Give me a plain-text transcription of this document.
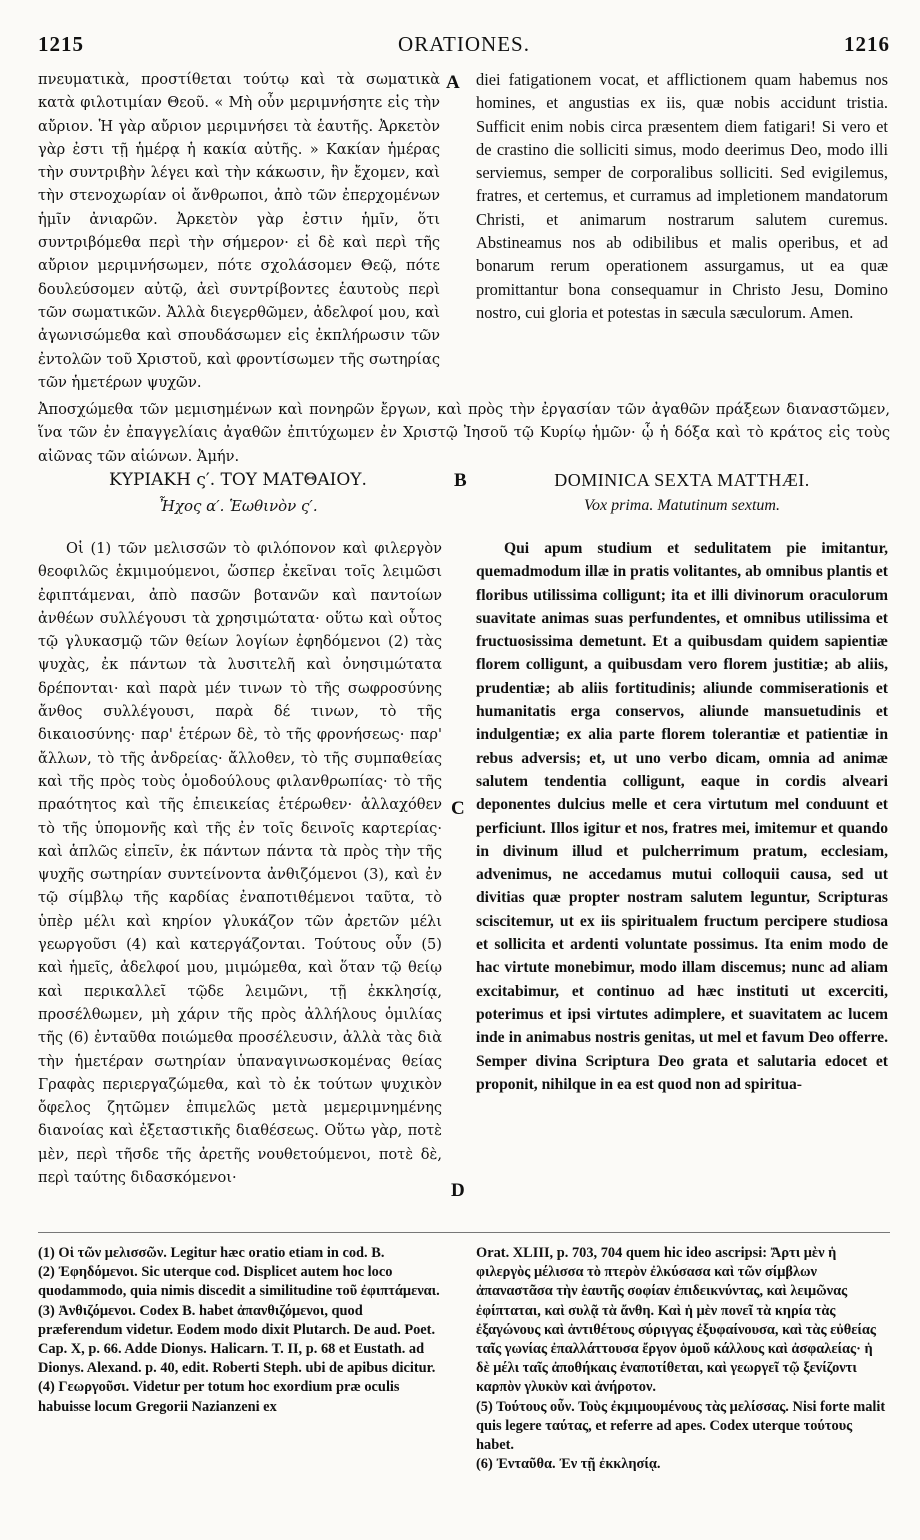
1215	ORATIONES.	1216
A
B
C
D

πνευματικὰ, προστίθεται τούτῳ καὶ τὰ σωματικὰ κατὰ φιλοτιμίαν Θεοῦ. « Μὴ οὖν μεριμνήσητε εἰς τὴν αὔριον. Ἡ γὰρ αὔριον μεριμνήσει τὰ ἑαυτῆς. Ἀρκετὸν γὰρ ἐστι τῇ ἡμέρᾳ ἡ κακία αὐτῆς. » Κακίαν ἡμέρας τὴν συντριβὴν λέγει καὶ τὴν κάκωσιν, ἣν ἔχομεν, καὶ τὴν στενοχωρίαν οἱ ἄνθρωποι, ἀπὸ τῶν ἐπερχομένων ἡμῖν ἀνιαρῶν. Ἀρκετὸν γὰρ ἐστιν ἡμῖν, ὅτι συντριβόμεθα περὶ τὴν σήμερον· εἰ δὲ καὶ περὶ τῆς αὔριον μεριμνήσωμεν, πότε σχολάσομεν Θεῷ, πότε δουλεύσομεν αὐτῷ, ἀεὶ συντρίβοντες ἑαυτοὺς περὶ τῶν σωματικῶν. Ἀλλὰ διεγερθῶμεν, ἀδελφοί μου, καὶ ἀγωνισώμεθα καὶ σπουδάσωμεν εἰς ἐκπλήρωσιν τῶν ἐντολῶν τοῦ Χριστοῦ, καὶ φροντίσωμεν τῆς σωτηρίας τῶν ἡμετέρων ψυχῶν.

diei fatigationem vocat, et afflictionem quam habemus nos homines, et angustias ex iis, quæ nobis accidunt tristia. Sufficit enim nobis circa præsentem diem fatigari! Si vero et de crastino die solliciti simus, modo deerimus Deo, modo illi serviemus, semper de corporalibus solliciti. Sed evigilemus, fratres, et certemus, et curramus ad impletionem mandatorum Christi, et animarum nostrarum salutem curemus. Abstineamus nos ab odibilibus et malis operibus, et ad bonarum rerum operationem assurgamus, ut ea quæ promittantur bona consequamur in Christo Jesu, Domino nostro, cui gloria et potestas in sæcula sæculorum. Amen.

Ἀποσχώμεθα τῶν μεμισημένων καὶ πονηρῶν ἔργων, καὶ πρὸς τὴν ἐργασίαν τῶν ἀγαθῶν πράξεων διαναστῶμεν, ἵνα τῶν ἐν ἐπαγγελίαις ἀγαθῶν ἐπιτύχωμεν ἐν Χριστῷ Ἰησοῦ τῷ Κυρίῳ ἡμῶν· ᾧ ἡ δόξα καὶ τὸ κράτος εἰς τοὺς αἰῶνας τῶν αἰώνων. Ἀμήν.

ΚΥΡΙΑΚΗ ς′. ΤΟΥ ΜΑΤΘΑΙΟΥ.	DOMINICA SEXTA MATTHÆI.
Ἦχος α′. Ἑωθινὸν ς′.	Vox prima. Matutinum sextum.

Οἱ (1) τῶν μελισσῶν τὸ φιλόπονον καὶ φιλεργὸν θεοφιλῶς ἐκμιμούμενοι, ὥσπερ ἐκεῖναι τοῖς λειμῶσι ἐφιπτάμεναι, ἀπὸ πασῶν βοτανῶν καὶ παντοίων ἀνθέων συλλέγουσι τὰ χρησιμώτατα· οὕτω καὶ οὗτος τῷ γλυκασμῷ τῶν θείων λογίων ἐφηδόμενοι (2) τὰς ψυχὰς, ἐκ πάντων τὰ λυσιτελῆ καὶ ὀνησιμώτατα δρέπονται· καὶ παρὰ μέν τινων τὸ τῆς σωφροσύνης ἄνθος συλλέγουσι, παρὰ δέ τινων, τὸ τῆς δικαιοσύνης· παρ' ἑτέρων δὲ, τὸ τῆς φρονήσεως· παρ' ἄλλων, τὸ τῆς ἀνδρείας· ἄλλοθεν, τὸ τῆς συμπαθείας καὶ τῆς πρὸς τοὺς ὁμοδούλους φιλανθρωπίας· τὸ τῆς πραότητος καὶ τῆς ἐπιεικείας ἑτέρωθεν· ἀλλαχόθεν τὸ τῆς ὑπομονῆς καὶ τῆς ἐν τοῖς δεινοῖς καρτερίας· καὶ ἁπλῶς εἰπεῖν, ἐκ πάντων πάντα τὰ πρὸς τὴν τῆς ψυχῆς σωτηρίαν συντείνοντα ἀνθιζόμενοι (3), καὶ ἐν τῷ σίμβλῳ τῆς καρδίας ἐναποτιθέμενοι ταῦτα, τὸ ὑπὲρ μέλι καὶ κηρίον γλυκάζον τῶν ἀρετῶν μέλι γεωργοῦσι (4) καὶ κατεργάζονται. Τούτους οὖν (5) καὶ ἡμεῖς, ἀδελφοί μου, μιμώμεθα, καὶ ὅταν τῷ θείῳ καὶ περικαλλεῖ τῷδε λειμῶνι, τῇ ἐκκλησίᾳ, προσέλθωμεν, μὴ χάριν τῆς πρὸς ἀλλήλους ὁμιλίας τῆς (6) ἐνταῦθα ποιώμεθα προσέλευσιν, ἀλλὰ τὰς διὰ τὴν ἡμετέραν σωτηρίαν ὑπαναγινωσκομένας θείας Γραφὰς περιεργαζώμεθα, καὶ τὸ ἐκ τούτων ψυχικὸν ὄφελος ζητῶμεν ἐπιμελῶς μετὰ μεμεριμνημένης διανοίας καὶ ἐξεταστικῆς διαθέσεως. Οὕτω γὰρ, ποτὲ μὲν, περὶ τῆσδε τῆς ἀρετῆς νουθετούμενοι, ποτὲ δὲ, περὶ ταύτης διδασκόμενοι·

Qui apum studium et sedulitatem pie imitantur, quemadmodum illæ in pratis volitantes, ab omnibus plantis et floribus utilissima colligunt; ita et illi divinorum oraculorum suavitate animas suas perfundentes, et omnibus utilissima et fructuosissima demetunt. Et a quibusdam quidem sapientiæ florem colligunt, a quibusdam vero florem justitiæ; ab aliis, prudentiæ; ab aliis fortitudinis; aliunde commiserationis et humanitatis erga conservos, aliunde mansuetudinis et indulgentiæ; ex alia parte florem tolerantiæ et patientiæ in rebus adversis; et, ut uno verbo dicam, omnia ad animæ salutem tendentia colligunt, eaque in cordis alveari deponentes dulcius melle et cera virtutum mel conduunt et perficiunt. Illos igitur et nos, fratres mei, imitemur et quando in divinum illud et pulcherrimum pratum, ecclesiam, advenimus, ne accedamus mutui colloquii causa, sed ut divitias quæ propter nostram salutem leguntur, Scripturas sciscitemur, ut ex iis spiritualem fructum percipere studiosa et sollicita et ardenti voluntate possimus. Ita enim modo de hac virtute monebimur, modo illam discemus; nunc ad aliam excitabimur, et continuo ad hæc instituti ut excerciti, poterimus et ipsi virtutes adimplere, et suavitatem ac lucem inde in animabus nostris genitas, ut mel et favum Deo offerre. Semper divina Scriptura Deo grata et salutaria edocet et proponit, nihilque in ea est quod non ad spiritua-

(1) Οἱ τῶν μελισσῶν. Legitur hæc oratio etiam in cod. B.

(2) Ἐφηδόμενοι. Sic uterque cod. Displicet autem hoc loco quodammodo, quia nimis discedit a similitudine τοῦ ἐφιπτάμεναι.

(3) Ἀνθιζόμενοι. Codex B. habet ἀπανθιζόμενοι, quod præferendum videtur. Eodem modo dixit Plutarch. De aud. Poet. Cap. X, p. 66. Adde Dionys. Halicarn. T. II, p. 68 et Eustath. ad Dionys. Alexand. p. 40, edit. Roberti Steph. ubi de apibus dicitur.

(4) Γεωργοῦσι. Videtur per totum hoc exordium præ oculis habuisse locum Gregorii Nazianzeni ex

Orat. XLIII, p. 703, 704 quem hic ideo ascripsi: Ἄρτι μὲν ἡ φιλεργὸς μέλισσα τὸ πτερὸν ἐλκύσασα καὶ τῶν σίμβλων ἀπαναστᾶσα τὴν ἑαυτῆς σοφίαν ἐπιδεικνύντας, καὶ λειμῶνας ἐφίπταται, καὶ συλᾷ τὰ ἄνθη. Καὶ ἡ μὲν πονεῖ τὰ κηρία τὰς ἐξαγώνους καὶ ἀντιθέτους σύριγγας ἐξυφαίνουσα, καὶ τὰς εὐθείας ταῖς γωνίας ἐπαλλάττουσα ἔργον ὁμοῦ κάλλους καὶ ἀσφαλείας· ἡ δὲ μέλι ταῖς ἀποθήκαις ἐναποτίθεται, καὶ γεωργεῖ τῷ ξενίζοντι καρπὸν γλυκὺν καὶ ἀνήροτον.

(5) Τούτους οὖν. Τοὺς ἐκμιμουμένους τὰς μελίσσας. Nisi forte malit quis legere ταύτας, et referre ad apes. Codex uterque τούτους habet.

(6) Ἐνταῦθα. Ἐν τῇ ἐκκλησίᾳ.
